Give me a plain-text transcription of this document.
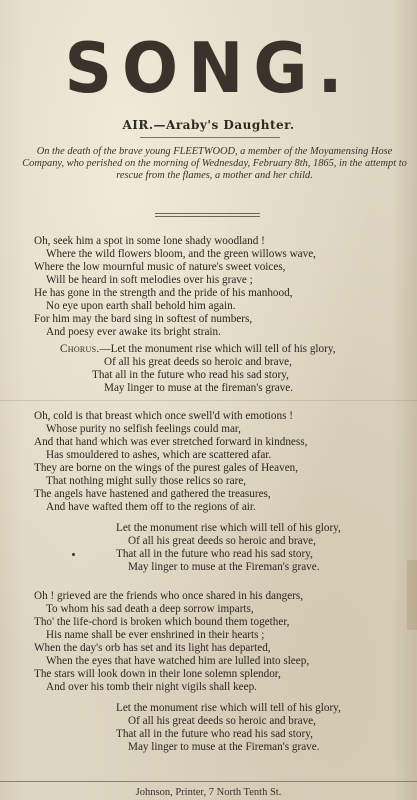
SONG.
AIR.—Araby's Daughter.
On the death of the brave young FLEETWOOD, a member of the Moyamensing Hose Company, who perished on the morning of Wednesday, February 8th, 1865, in the attempt to rescue from the flames, a mother and her child.
Oh, seek him a spot in some lone shady woodland !
Where the wild flowers bloom, and the green willows wave,
Where the low mournful music of nature's sweet voices,
Will be heard in soft melodies over his grave ;
He has gone in the strength and the pride of his manhood,
No eye upon earth shall behold him again.
For him may the bard sing in softest of numbers,
And poesy ever awake its bright strain.
Chorus.—Let the monument rise which will tell of his glory,
Of all his great deeds so heroic and brave,
That all in the future who read his sad story,
May linger to muse at the fireman's grave.
Oh, cold is that breast which once swell'd with emotions !
Whose purity no selfish feelings could mar,
And that hand which was ever stretched forward in kindness,
Has smouldered to ashes, which are scattered afar.
They are borne on the wings of the purest gales of Heaven,
That nothing might sully those relics so rare,
The angels have hastened and gathered the treasures,
And have wafted them off to the regions of air.
Let the monument rise which will tell of his glory,
Of all his great deeds so heroic and brave,
That all in the future who read his sad story,
May linger to muse at the Fireman's grave.
Oh ! grieved are the friends who once shared in his dangers,
To whom his sad death a deep sorrow imparts,
Tho' the life-chord is broken which bound them together,
His name shall be ever enshrined in their hearts ;
When the day's orb has set and its light has departed,
When the eyes that have watched him are lulled into sleep,
The stars will look down in their lone solemn splendor,
And over his tomb their night vigils shall keep.
Let the monument rise which will tell of his glory,
Of all his great deeds so heroic and brave,
That all in the future who read his sad story,
May linger to muse at the Fireman's grave.
Johnson, Printer, 7 North Tenth St.
